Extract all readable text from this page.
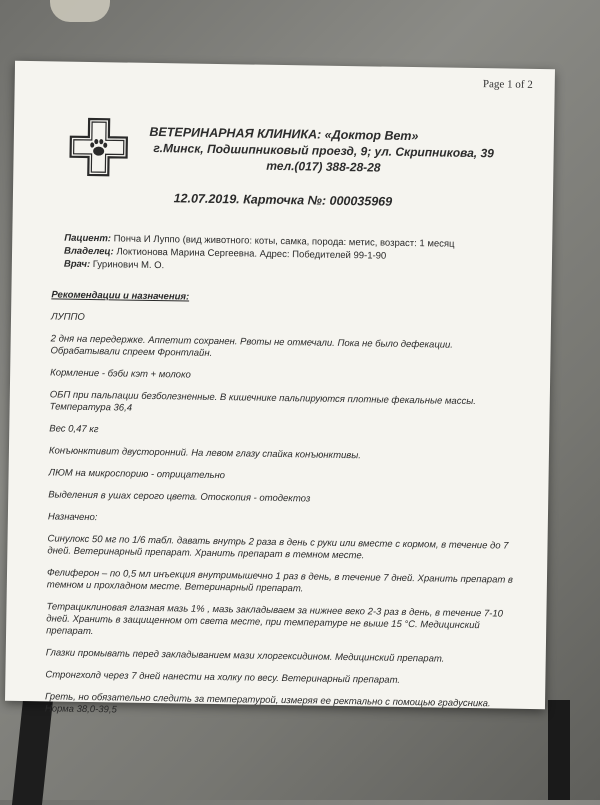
Page 1 of 2
ВЕТЕРИНАРНАЯ КЛИНИКА: «Доктор Вет»
г.Минск, Подшипниковый проезд, 9; ул. Скрипникова, 39
тел.(017) 388-28-28
12.07.2019. Карточка №: 000035969
Пациент: Понча И Луппо (вид животного: коты, самка, порода: метис, возраст: 1 месяц
Владелец: Локтионова Марина Сергеевна. Адрес: Победителей 99-1-90
Врач: Гуринович М. О.

Рекомендации и назначения:

ЛУППО

2 дня на передержке. Аппетит сохранен. Рвоты не отмечали. Пока не было дефекации. Обрабатывали спреем Фронтлайн.

Кормление - бэби кэт + молоко

ОБП при пальпации безболезненные. В кишечнике пальпируются плотные фекальные массы. Температура 36,4

Вес 0,47 кг

Конъюнктивит двусторонний. На левом глазу спайка конъюнктивы.

ЛЮМ на микроспорию - отрицательно

Выделения в ушах серого цвета. Отоскопия - отодектоз

Назначено:

Синулокс 50 мг по 1/6 табл. давать внутрь 2 раза в день с руки или вместе с кормом, в течение до 7 дней. Ветеринарный препарат. Хранить препарат в темном месте.

Фелиферон – по 0,5 мл инъекция внутримышечно 1 раз в день, в течение 7 дней. Хранить препарат в темном и прохладном месте. Ветеринарный препарат.

Тетрациклиновая глазная мазь 1% , мазь закладываем за нижнее веко 2-3 раз в день, в течение 7-10 дней. Хранить в защищенном от света месте, при температуре не выше 15 °С. Медицинский препарат.

Глазки промывать перед закладыванием мази хлоргексидином. Медицинский препарат.

Стронгхолд через 7 дней нанести на холку по весу. Ветеринарный препарат.

Греть, но обязательно следить за температурой, измеряя ее ректально с помощью градусника. Норма 38,0-39,5
